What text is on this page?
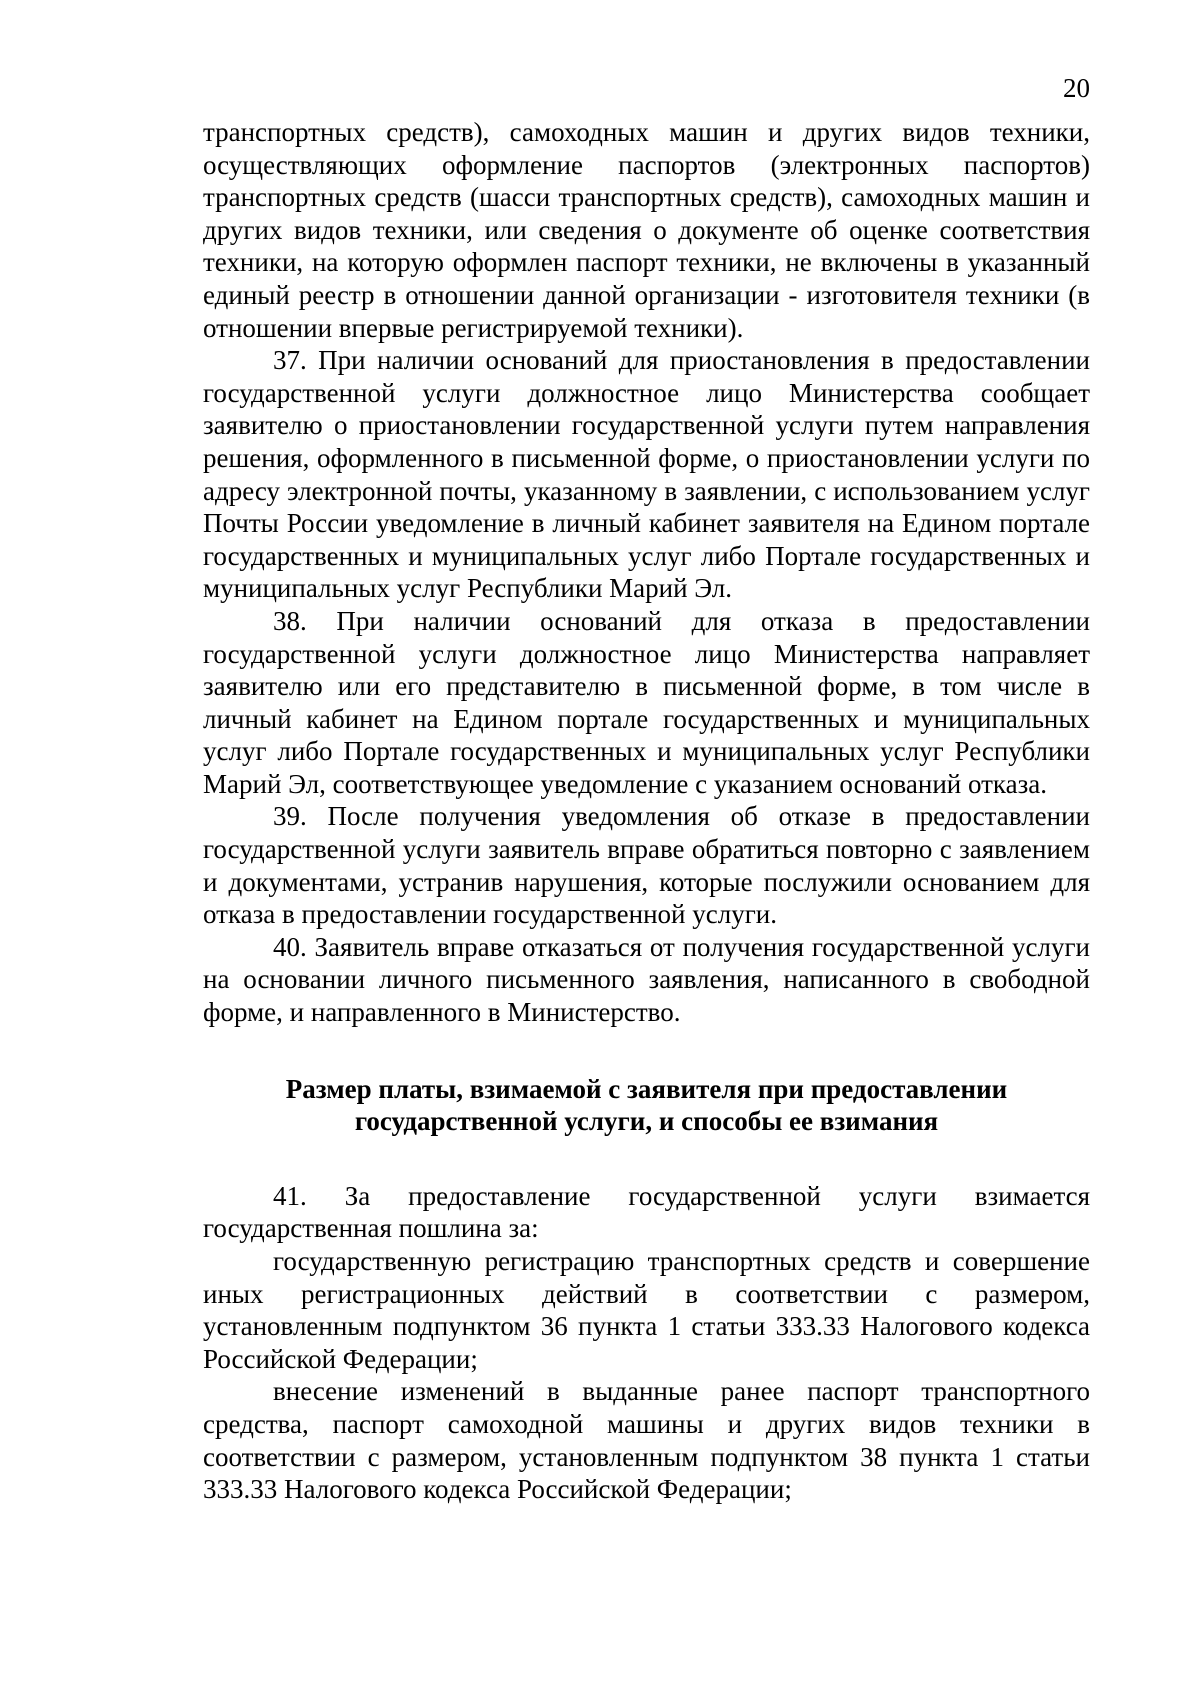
20

транспортных средств), самоходных машин и других видов техники, осуществляющих оформление паспортов (электронных паспортов) транспортных средств (шасси транспортных средств), самоходных машин и других видов техники, или сведения о документе об оценке соответствия техники, на которую оформлен паспорт техники, не включены в указанный единый реестр в отношении данной организации - изготовителя техники (в отношении впервые регистрируемой техники).

37. При наличии оснований для приостановления в предоставлении государственной услуги должностное лицо Министерства сообщает заявителю о приостановлении государственной услуги путем направления решения, оформленного в письменной форме, о приостановлении услуги по адресу электронной почты, указанному в заявлении, с использованием услуг Почты России уведомление в личный кабинет заявителя на Едином портале государственных и муниципальных услуг либо Портале государственных и муниципальных услуг Республики Марий Эл.

38. При наличии оснований для отказа в предоставлении государственной услуги должностное лицо Министерства направляет заявителю или его представителю в письменной форме, в том числе в личный кабинет на Едином портале государственных и муниципальных услуг либо Портале государственных и муниципальных услуг Республики Марий Эл, соответствующее уведомление с указанием оснований отказа.

39. После получения уведомления об отказе в предоставлении государственной услуги заявитель вправе обратиться повторно с заявлением и документами, устранив нарушения, которые послужили основанием для отказа в предоставлении государственной услуги.

40. Заявитель вправе отказаться от получения государственной услуги на основании личного письменного заявления, написанного в свободной форме, и направленного в Министерство.

Размер платы, взимаемой с заявителя при предоставлении

государственной услуги, и способы ее взимания

41. За предоставление государственной услуги взимается государственная пошлина за:

государственную регистрацию транспортных средств и совершение иных регистрационных действий в соответствии с размером, установленным подпунктом 36 пункта 1 статьи 333.33 Налогового кодекса Российской Федерации;

внесение изменений в выданные ранее паспорт транспортного средства, паспорт самоходной машины и других видов техники в соответствии с размером, установленным подпунктом 38 пункта 1 статьи 333.33 Налогового кодекса Российской Федерации;
